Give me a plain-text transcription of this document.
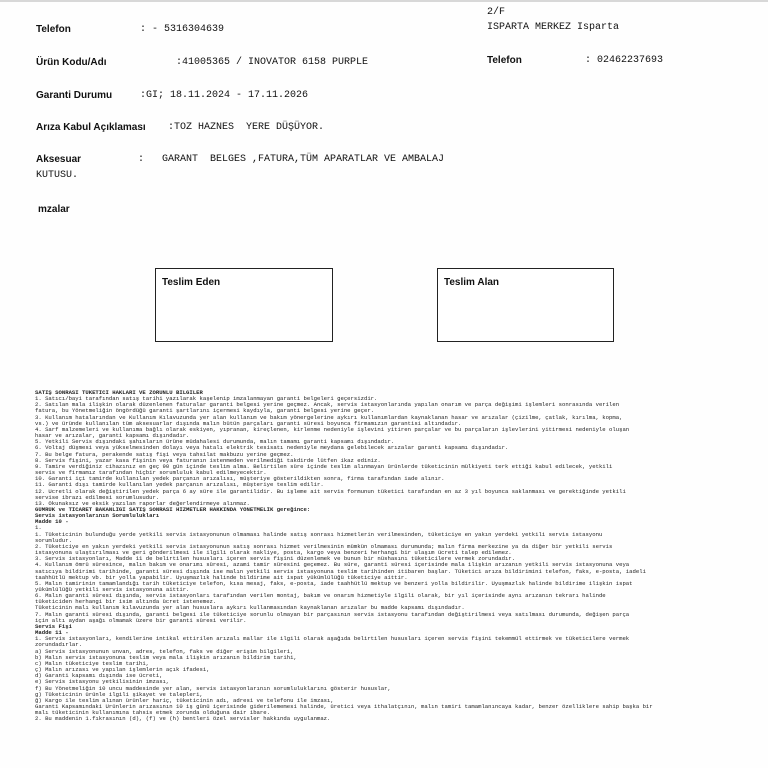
Telefon	: - 5316304639
2/F
ISPARTA MERKEZ Isparta
Telefon	: 02462237693
Ürün Kodu/Adı	:41005365 / INOVATOR 6158 PURPLE
Garanti Durumu	:GI; 18.11.2024 - 17.11.2026
Arıza Kabul Açıklaması :TOZ HAZNES  YERE DÜŞÜYOR.
Aksesuar	:   GARANT  BELGES ,FATURA,TÜM APARATLAR VE AMBALAJ
KUTUSU.
mzalar
Teslim Eden	Teslim Alan
SATIŞ SONRASI TÜKETİCİ HAKLARI VE ZORUNLU BİLGİLER
1. Satıcı/bayi tarafından satış tarihi yazılarak kaşelenip imzalanmayan garanti belgeleri geçersizdir.
2. Satılan mala ilişkin olarak düzenlenen faturalar garanti belgesi yerine geçmez. Ancak, servis istasyonlarında yapılan onarım ve parça değişimi işlemleri sonrasında verilen
fatura, bu Yönetmeliğin öngördüğü garanti şartlarını içermesi kaydıyla, garanti belgesi yerine geçer.
3. Kullanım hatalarından ve Kullanım Kılavuzunda yer alan kullanım ve bakım yönergelerine aykırı kullanımlardan kaynaklanan hasar ve arızalar (çizilme, çatlak, kırılma, kopma,
vs.) ve üründe kullanılan tüm aksesuarlar dışında malın bütün parçaları garanti süresi boyunca firmamızın garantisi altındadır.
4. Sarf malzemeleri ve kullanıma bağlı olarak eskiyen, yıpranan, kireçlenen, kirlenme nedeniyle işlevini yitiren parçalar ve bu parçaların işlevlerini yitirmesi nedeniyle oluşan
hasar ve arızalar, garanti kapsamı dışındadır.
5. Yetkili Servis dışındaki şahısların ürüne müdahalesi durumunda, malın tamamı garanti kapsamı dışındadır.
6. Voltaj düşmesi veya yükselmesinden dolayı veya hatalı elektrik tesisatı nedeniyle meydana gelebilecek arızalar garanti kapsamı dışındadır.
7. Bu belge fatura, perakende satış fişi veya tahsilat makbuzu yerine geçmez.
8. Servis fişini, yazar kasa fişinin veya faturanın istenmeden verilmediği takdirde lütfen ikaz ediniz.
9. Tamire verdiğiniz cihazınız en geç 90 gün içinde teslim alma. Belirtilen süre içinde teslim alınmayan ürünlerde tüketicinin mülkiyeti terk ettiği kabul edilecek, yetkili
servis ve firmamız tarafından hiçbir sorumluluk kabul edilmeyecektir.
10. Garanti içi tamirde kullanılan yedek parçanın arızalısı, müşteriye gösterildikten sonra, firma tarafından iade alınır.
11. Garanti dışı tamirde kullanılan yedek parçanın arızalısı, müşteriye teslim edilir.
12. Ücretli olarak değiştirilen yedek parça 6 ay süre ile garantilidir. Bu işleme ait servis formunun tüketici tarafından en az 3 yıl boyunca saklanması ve gerektiğinde yetkili
servise ibrazı edilmesi sorumlusudur.
13. Okunaksız ve eksik yazılan raporlar değerlendirmeye alınmaz.
GÜMRÜK ve TİCARET BAKANLIĞI SATIŞ SONRASI HİZMETLER HAKKINDA YÖNETMELİK gereğince:
Servis istasyonlarının Sorumlulukları
Madde 10 -
1.
1. Tüketicinin bulunduğu yerde yetkili servis istasyonunun olmaması halinde satış sonrası hizmetlerin verilmesinden, tüketiciye en yakın yerdeki yetkili servis istasyonu
sorumludur.
2. Tüketiciye en yakın yerdeki yetkili servis istasyonunun satış sonrası hizmet verilmesinin mümkün olmaması durumunda; malın firma merkezine ya da diğer bir yetkili servis
istasyonuna ulaştırılması ve geri gönderilmesi ile ilgili olarak nakliye, posta, kargo veya benzeri herhangi bir ulaşım ücreti talep edilemez.
3. Servis istasyonları, Madde 11 de belirtilen hususları içeren servis fişini düzenlemek ve bunun bir nüshasını tüketicilere vermek zorundadır.
4. Kullanım ömrü süresince, malın bakım ve onarımı süresi, azami tamir süresini geçemez. Bu süre, garanti süresi içerisinde mala ilişkin arızanın yetkili servis istasyonuna veya
satıcıya bildirimi tarihinde, garanti süresi dışında ise malın yetkili servis istasyonuna teslim tarihinden itibaren başlar. Tüketici arıza bildirimini telefon, faks, e-posta, iadeli
taahhütlü mektup vb. bir yolla yapabilir. Uyuşmazlık halinde bildirime ait ispat yükümlülüğü tüketiciye aittir.
5. Malın tamirinin tamamlandığı tarih tüketiciye telefon, kısa mesaj, faks, e-posta, iade taahhütlü mektup ve benzeri yolla bildirilir. Uyuşmazlık halinde bildirime ilişkin ispat
yükümlülüğü yetkili servis istasyonuna aittir.
6. Malın garanti süresi dışında, servis istasyonları tarafından verilen montaj, bakım ve onarım hizmetiyle ilgili olarak, bir yıl içerisinde aynı arızanın tekrarı halinde
tüketiciden herhangi bir isim altında ücret istenemez.
Tüketicinin malı kullanım kılavuzunda yer alan hususlara aykırı kullanmasından kaynaklanan arızalar bu madde kapsamı dışındadır.
7. Malın garanti süresi dışında, garanti belgesi ile tüketiciye sorunlu olmayan bir parçasının servis istasyonu tarafından değiştirilmesi veya satılması durumunda, değişen parça
için altı aydan aşağı olmamak üzere bir garanti süresi verilir.
Servis Fişi
Madde 11 -
1. Servis istasyonları, kendilerine intikal ettirilen arızalı mallar ile ilgili olarak aşağıda belirtilen hususları içeren servis fişini tekemmül ettirmek ve tüketicilere vermek
zorundadırlar.
a) Servis istasyonunun unvan, adres, telefon, faks ve diğer erişim bilgileri,
b) Malın servis istasyonuna teslim veya mala ilişkin arızanın bildirim tarihi,
c) Malın tüketiciye teslim tarihi,
ç) Malın arızası ve yapılan işlemlerin açık ifadesi,
d) Garanti kapsamı dışında ise ücreti,
e) Servis istasyonu yetkilisinin imzası,
f) Bu Yönetmeliğin 10 uncu maddesinde yer alan, servis istasyonlarının sorumluluklarını gösterir hususlar,
g) Tüketicinin ürünle ilgili şikayet ve talepleri,
ğ) Kargo ile teslim alınan ürünler hariç, tüketicinin adı, adresi ve telefonu ile imzası,
Garanti Kapsamındaki Ürünlerin arızasının 10 iş günü içerisinde giderilememesi halinde, üretici veya ithalatçının, malın tamiri tamamlanıncaya kadar, benzer özelliklere sahip başka bir
malı tüketicinin kullanımına tahsis etmek zorunda olduğuna dair ibare.
2. Bu maddenin 1.fıkrasının (d), (f) ve (h) bentleri özel servisler hakkında uygulanmaz.
